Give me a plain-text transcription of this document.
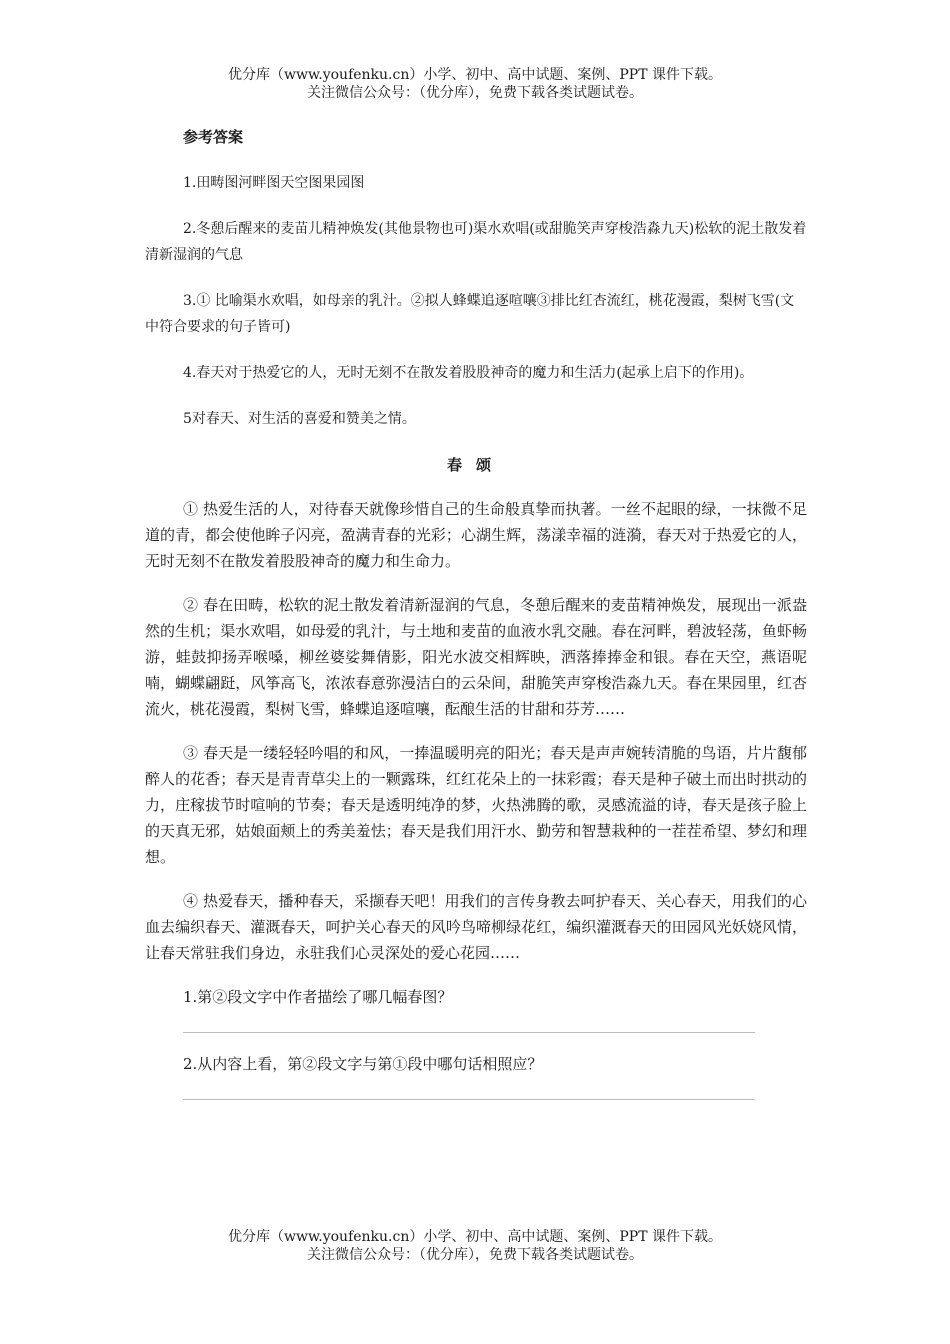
优分库（www.youfenku.cn）小学、初中、高中试题、案例、PPT 课件下载。
关注微信公众号：（优分库），免费下载各类试题试卷。
参考答案

1.田畴图河畔图天空图果园图

2.冬憩后醒来的麦苗儿精神焕发(其他景物也可)渠水欢唱(或甜脆笑声穿梭浩淼九天)松软的泥土散发着清新湿润的气息

3.① 比喻渠水欢唱，如母亲的乳汁。②拟人蜂蝶追逐喧嚷③排比红杏流红，桃花漫霞，梨树飞雪(文中符合要求的句子皆可)

4.春天对于热爱它的人，无时无刻不在散发着股股神奇的魔力和生活力(起承上启下的作用)。

5对春天、对生活的喜爱和赞美之情。

春颂

① 热爱生活的人，对待春天就像珍惜自己的生命般真挚而执著。一丝不起眼的绿，一抹微不足道的青，都会使他眸子闪亮，盈满青春的光彩；心湖生辉，荡漾幸福的涟漪，春天对于热爱它的人，无时无刻不在散发着股股神奇的魔力和生命力。

② 春在田畴，松软的泥土散发着清新湿润的气息，冬憩后醒来的麦苗精神焕发，展现出一派盎然的生机；渠水欢唱，如母爱的乳汁，与土地和麦苗的血液水乳交融。春在河畔，碧波轻荡，鱼虾畅游，蛙鼓抑扬弄喉嗓，柳丝婆娑舞倩影，阳光水波交相辉映，洒落捧捧金和银。春在天空，燕语呢喃，蝴蝶翩跹，风筝高飞，浓浓春意弥漫洁白的云朵间，甜脆笑声穿梭浩淼九天。春在果园里，红杏流火，桃花漫霞，梨树飞雪，蜂蝶追逐喧嚷，酝酿生活的甘甜和芬芳……

③ 春天是一缕轻轻吟唱的和风，一捧温暖明亮的阳光；春天是声声婉转清脆的鸟语，片片馥郁醉人的花香；春天是青青草尖上的一颗露珠，红红花朵上的一抹彩霞；春天是种子破土而出时拱动的力，庄稼拔节时喧响的节奏；春天是透明纯净的梦，火热沸腾的歌，灵感流溢的诗，春天是孩子脸上的天真无邪，姑娘面颊上的秀美羞怯；春天是我们用汗水、勤劳和智慧栽种的一茬茬希望、梦幻和理想。

④ 热爱春天，播种春天，采撷春天吧！用我们的言传身教去呵护春天、关心春天，用我们的心血去编织春天、灌溉春天，呵护关心春天的风吟鸟啼柳绿花红，编织灌溉春天的田园风光妖娆风情，让春天常驻我们身边，永驻我们心灵深处的爱心花园……

1.第②段文字中作者描绘了哪几幅春图？

2.从内容上看，第②段文字与第①段中哪句话相照应？

优分库（www.youfenku.cn）小学、初中、高中试题、案例、PPT 课件下载。
关注微信公众号：（优分库），免费下载各类试题试卷。
